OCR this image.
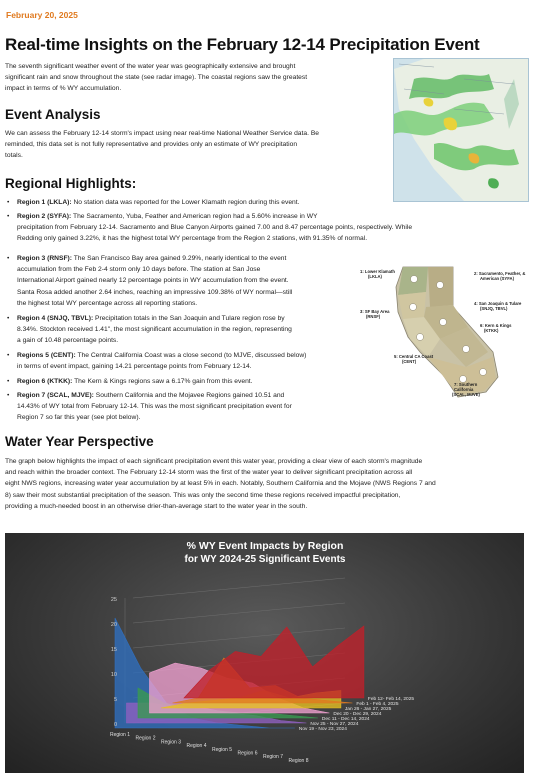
February 20, 2025
Real-time Insights on the February 12-14 Precipitation Event
The seventh significant weather event of the water year was geographically extensive and brought
significant rain and snow throughout the state (see radar image). The coastal regions saw the greatest
impact in terms of % WY accumulation.
Event Analysis
We can assess the February 12-14 storm's impact using near real-time National Weather Service data. Be
reminded, this data set is not fully representative and provides only an estimate of WY precipitation
totals.
Regional Highlights:
• Region 1 (LKLA): No station data was reported for the Lower Klamath region during this event.
• Region 2 (SYFA): The Sacramento, Yuba, Feather and American region had a 5.60% increase in WY
precipitation from February 12-14. Sacramento and Blue Canyon Airports gained 7.00 and 8.47 percentage points, respectively. While
Redding only gained 3.22%, it has the highest total WY percentage from the Region 2 stations, with 91.35% of normal.
• Region 3 (RNSF): The San Francisco Bay area gained 9.29%, nearly identical to the event
accumulation from the Feb 2-4 storm only 10 days before. The station at San Jose
International Airport gained nearly 12 percentage points in WY accumulation from the event.
Santa Rosa added another 2.64 inches, reaching an impressive 109.38% of WY normal—still
the highest total WY percentage across all reporting stations.
• Region 4 (SNJQ, TBVL): Precipitation totals in the San Joaquin and Tulare region rose by
8.34%. Stockton received 1.41", the most significant accumulation in the region, representing
a gain of 10.48 percentage points.
• Regions 5 (CENT): The Central California Coast was a close second (to MJVE, discussed below)
in terms of event impact, gaining 14.21 percentage points from February 12-14.
• Region 6 (KTKK): The Kern & Kings regions saw a 6.17% gain from this event.
• Region 7 (SCAL, MJVE): Southern California and the Mojavee Regions gained 10.51 and
14.43% of WY total from February 12-14. This was the most significant precipitation event for
Region 7 so far this year (see plot below).
1: Lower Klamath
(LKLA)
2: Sacramento, Feather, &
American (SYFA)
3: SF Bay Area
(RNSF)
4: San Joaquin & Tulare
(SNJQ, TBVL)
6: Kern & Kings
(KTKK)
5: Central CA Coast
(CENT)
7: Southern
California
(SCAL, MJVE)
Water Year Perspective
The graph below highlights the impact of each significant precipitation event this water year, providing a clear view of each storm's magnitude
and reach within the broader context. The February 12-14 storm was the first of the water year to deliver significant precipitation across all
eight NWS regions, increasing water year accumulation by at least 5% in each. Notably, Southern California and the Mojave (NWS Regions 7 and
8) saw their most substantial precipitation of the season. This was only the second time these regions received impactful precipitation,
providing a much-needed boost in an otherwise drier-than-average start to the water year in the south.
% WY Event Impacts by Region
for WY 2024-25 Significant Events
0
5
10
15
20
25
Nov 19 - Nov 23, 2024
Nov 25 - Nov 27, 2024
Dec 11 - Dec 14, 2024
Dec 20 - Dec 29, 2024
Jan 26 - Jan 27, 2025
Feb 1 - Feb 4, 2025
Feb 12- Feb 14, 2025
Region 1
Region 2
Region 3
Region 4
Region 5
Region 6
Region 7
Region 8
